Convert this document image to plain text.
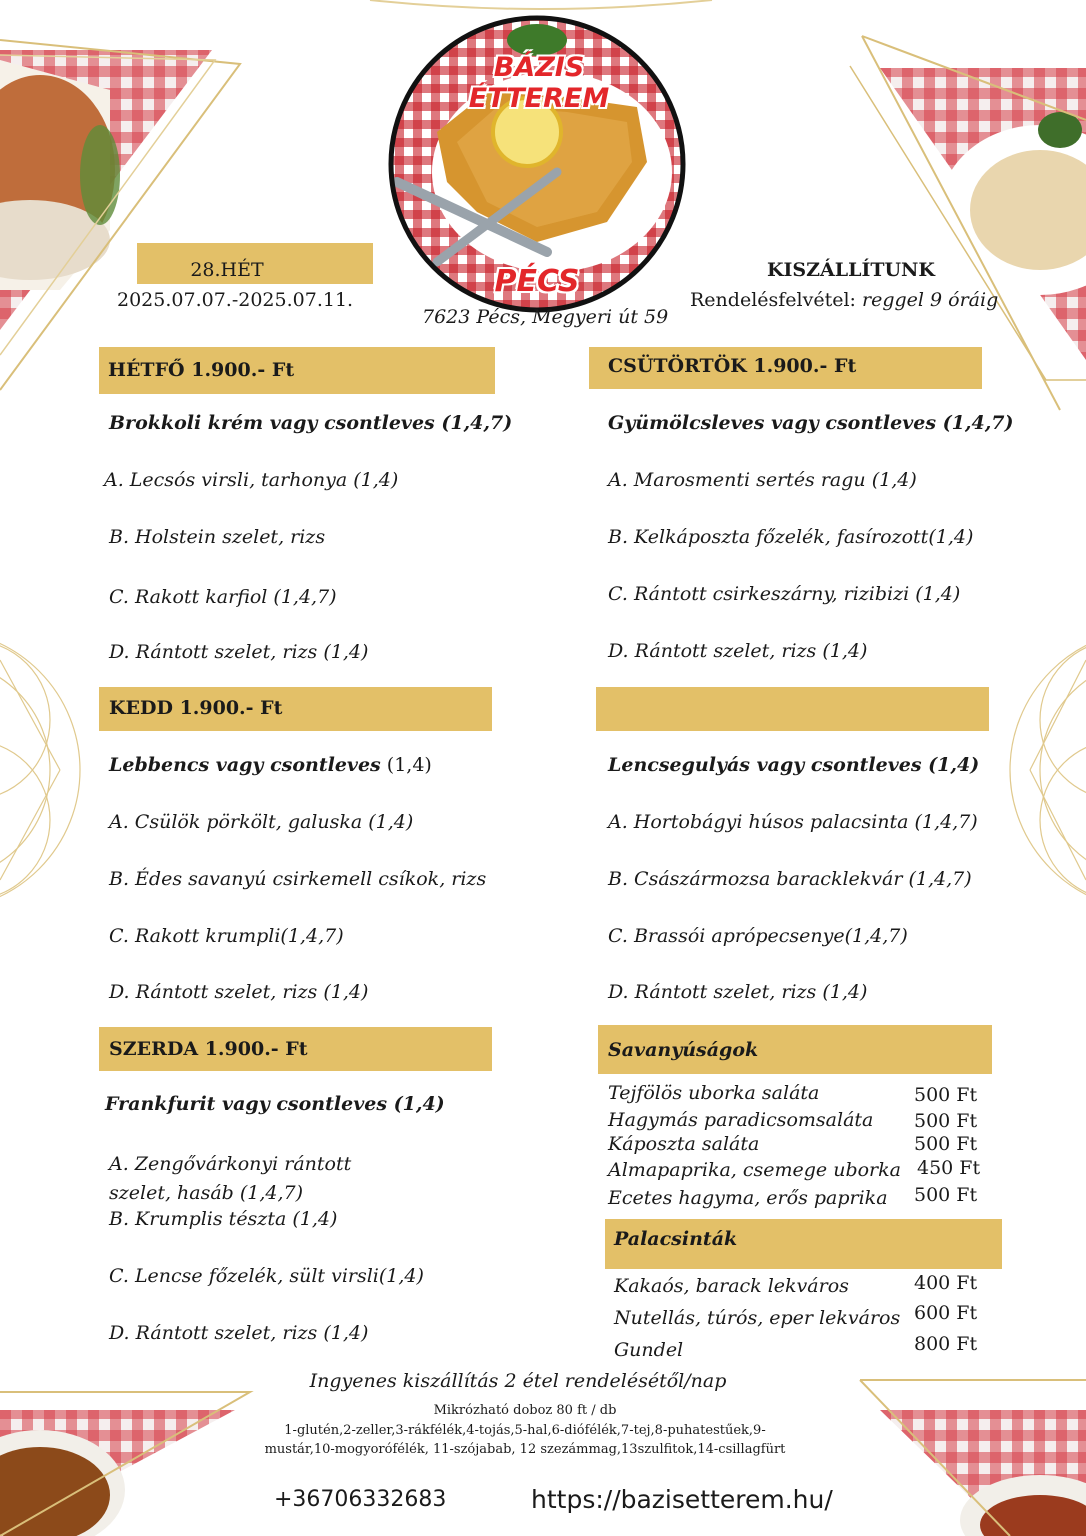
BÁZIS ÉTTEREM
PÉCS
28.HÉT
2025.07.07.-2025.07.11.
7623 Pécs, Megyeri út 59
KISZÁLLÍTUNK
Rendelésfelvétel: reggel 9 óráig
HÉTFŐ 1.900.- Ft
Brokkoli krém vagy csontleves (1,4,7)
A. Lecsós virsli, tarhonya (1,4)
B. Holstein szelet, rizs
C. Rakott karfiol (1,4,7)
D. Rántott szelet, rizs (1,4)
KEDD 1.900.- Ft
Lebbencs vagy csontleves (1,4)
A. Csülök pörkölt, galuska (1,4)
B. Édes savanyú csirkemell csíkok, rizs
C. Rakott krumpli(1,4,7)
D. Rántott szelet, rizs (1,4)
SZERDA 1.900.- Ft
Frankfurit vagy csontleves (1,4)
A. Zengővárkonyi rántott
szelet, hasáb (1,4,7)
B. Krumplis tészta (1,4)
C. Lencse főzelék, sült virsli(1,4)
D. Rántott szelet, rizs (1,4)
CSÜTÖRTÖK 1.900.- Ft
Gyümölcsleves vagy csontleves (1,4,7)
A. Marosmenti sertés ragu (1,4)
B. Kelkáposzta főzelék, fasírozott(1,4)
C. Rántott csirkeszárny, rizibizi (1,4)
D. Rántott szelet, rizs (1,4)
Lencsegulyás vagy csontleves (1,4)
A. Hortobágyi húsos palacsinta (1,4,7)
B. Császármozsa baracklekvár (1,4,7)
C. Brassói aprópecsenye(1,4,7)
D. Rántott szelet, rizs (1,4)
Savanyúságok
Tejfölös uborka saláta	500 Ft
Hagymás paradicsomsaláta 500 Ft
Káposzta saláta	500 Ft
Almapaprika, csemege uborka 450 Ft
Ecetes hagyma, erős paprika 500 Ft
Palacsinták
Kakaós, barack lekváros	400 Ft
Nutellás, túrós, eper lekváros 600 Ft
Gundel	800 Ft
Ingyenes kiszállítás 2 étel rendelésétől/nap
Mikrózható doboz 80 ft / db
1-glutén,2-zeller,3-rákfélék,4-tojás,5-hal,6-diófélék,7-tej,8-puhatestűek,9-
mustár,10-mogyorófélék, 11-szójabab, 12 szezámmag,13szulfitok,14-csillagfürt
+36706332683	https://bazisetterem.hu/
